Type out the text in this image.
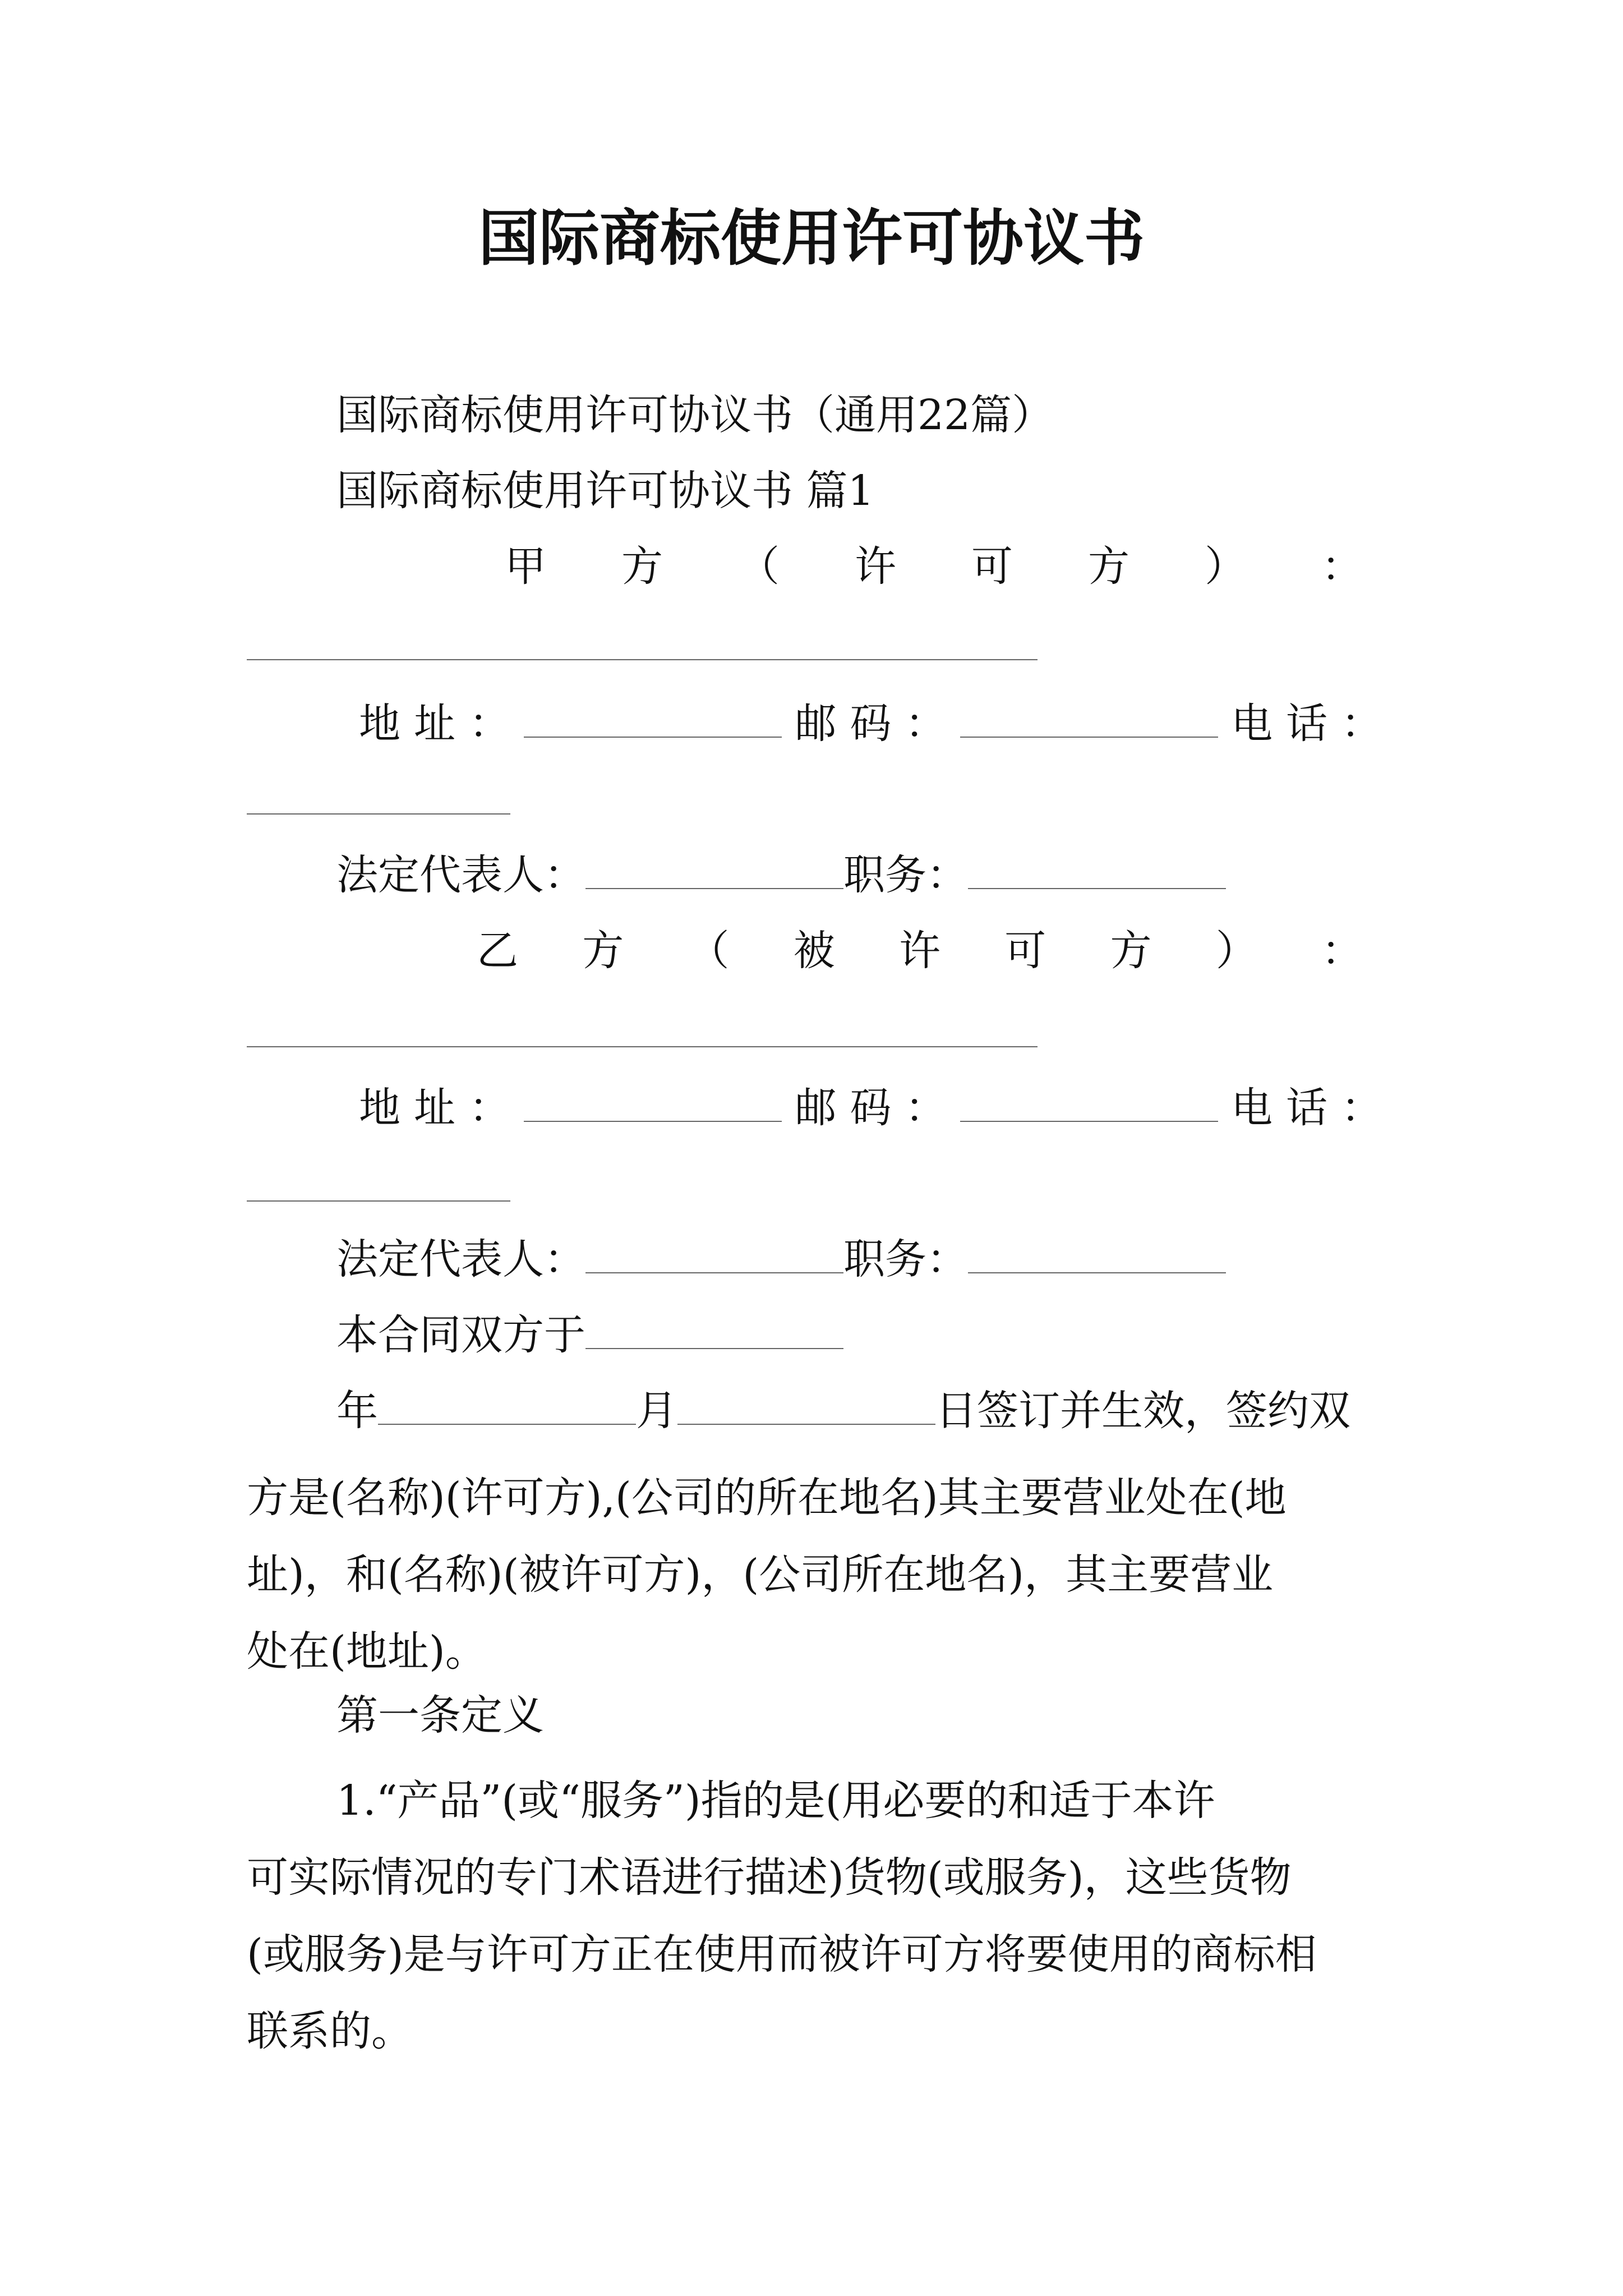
国际商标使用许可协议书
国际商标使用许可协议书（通用22篇）
国际商标使用许可协议书 篇1
甲 方 （ 许 可 方 ） ：
地址：	邮码：	电话：
法定代表人：	职务：
乙 方 （ 被 许 可 方 ） ：
地址：	邮码：	电话：
法定代表人：	职务：
本合同双方于
年	月	日签订并生效，签约双
方是(名称)(许可方),(公司的所在地名)其主要营业处在(地
址)，和(名称)(被许可方)，(公司所在地名)，其主要营业
处在(地址)。
第一条定义
1.“产品”(或“服务”)指的是(用必要的和适于本许
可实际情况的专门术语进行描述)货物(或服务)，这些货物
(或服务)是与许可方正在使用而被许可方将要使用的商标相
联系的。
